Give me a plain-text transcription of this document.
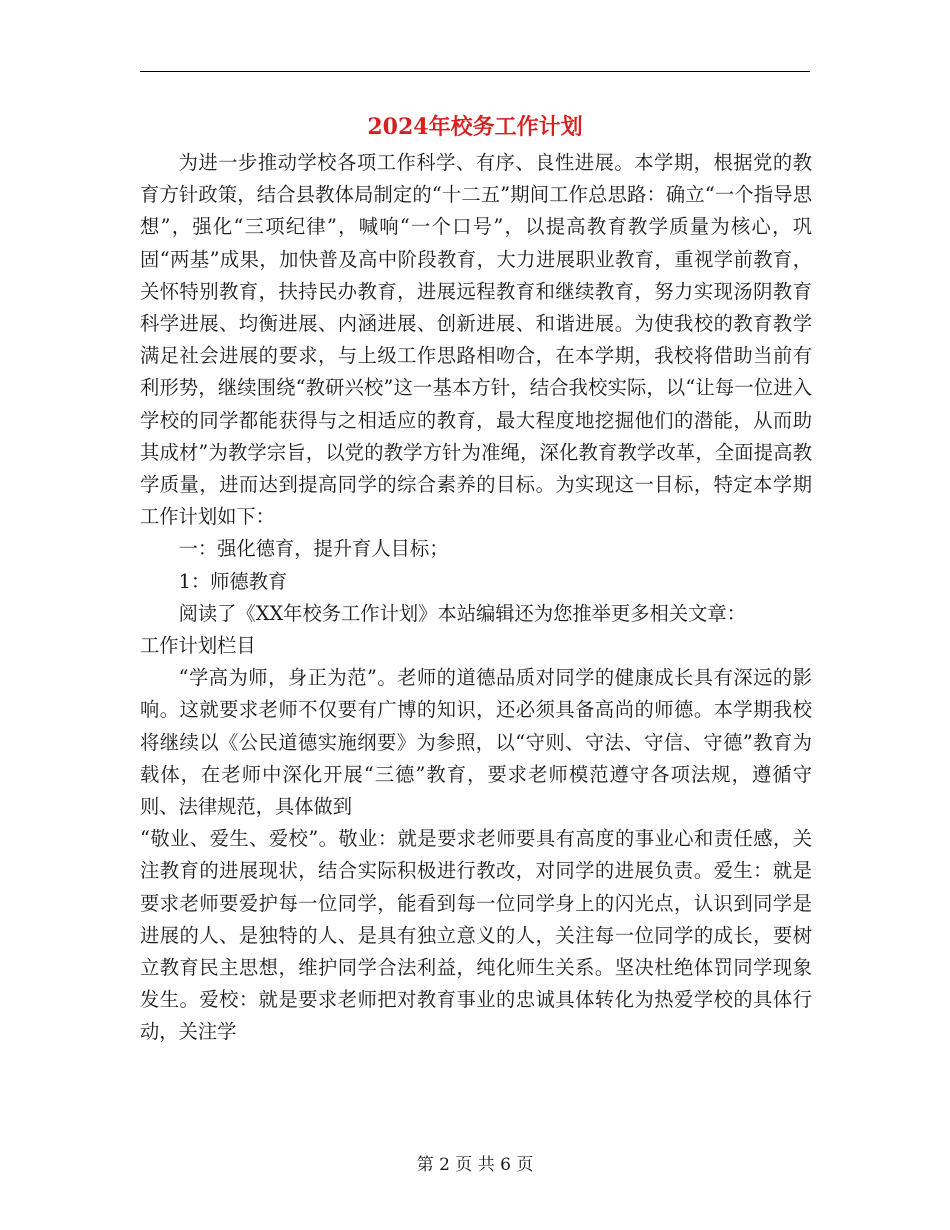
2024年校务工作计划

为进一步推动学校各项工作科学、有序、良性进展。本学期，根据党的教育方针政策，结合县教体局制定的“十二五”期间工作总思路：确立“一个指导思想”，强化“三项纪律”，喊响“一个口号”，以提高教育教学质量为核心，巩固“两基”成果，加快普及高中阶段教育，大力进展职业教育，重视学前教育，关怀特别教育，扶持民办教育，进展远程教育和继续教育，努力实现汤阴教育科学进展、均衡进展、内涵进展、创新进展、和谐进展。为使我校的教育教学满足社会进展的要求，与上级工作思路相吻合，在本学期，我校将借助当前有利形势，继续围绕“教研兴校”这一基本方针，结合我校实际，以“让每一位进入学校的同学都能获得与之相适应的教育，最大程度地挖掘他们的潜能，从而助其成材”为教学宗旨，以党的教学方针为准绳，深化教育教学改革，全面提高教学质量，进而达到提高同学的综合素养的目标。为实现这一目标，特定本学期工作计划如下：

一：强化德育，提升育人目标；

1：师德教育

阅读了《XX年校务工作计划》本站编辑还为您推举更多相关文章：

工作计划栏目

“学高为师，身正为范”。老师的道德品质对同学的健康成长具有深远的影响。这就要求老师不仅要有广博的知识，还必须具备高尚的师德。本学期我校将继续以《公民道德实施纲要》为参照，以“守则、守法、守信、守德”教育为载体，在老师中深化开展“三德”教育，要求老师模范遵守各项法规，遵循守则、法律规范，具体做到

“敬业、爱生、爱校”。敬业：就是要求老师要具有高度的事业心和责任感，关注教育的进展现状，结合实际积极进行教改，对同学的进展负责。爱生：就是要求老师要爱护每一位同学，能看到每一位同学身上的闪光点，认识到同学是进展的人、是独特的人、是具有独立意义的人，关注每一位同学的成长，要树立教育民主思想，维护同学合法利益，纯化师生关系。坚决杜绝体罚同学现象发生。爱校：就是要求老师把对教育事业的忠诚具体转化为热爱学校的具体行动，关注学

第 2 页 共 6 页
